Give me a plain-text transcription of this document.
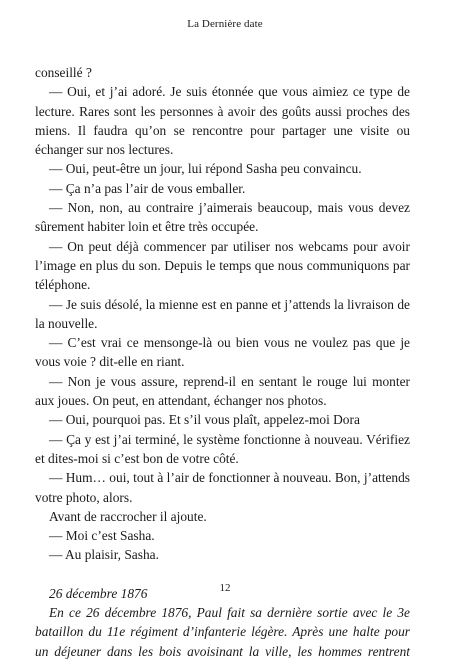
La Dernière date

conseillé ?

— Oui, et j’ai adoré. Je suis étonnée que vous aimiez ce type de lecture. Rares sont les personnes à avoir des goûts aussi proches des miens. Il faudra qu’on se rencontre pour partager une visite ou échanger sur nos lectures.

— Oui, peut-être un jour, lui répond Sasha peu convaincu.

— Ça n’a pas l’air de vous emballer.

— Non, non, au contraire j’aimerais beaucoup, mais vous devez sûrement habiter loin et être très occupée.

— On peut déjà commencer par utiliser nos webcams pour avoir l’image en plus du son. Depuis le temps que nous communiquons par téléphone.

— Je suis désolé, la mienne est en panne et j’attends la livraison de la nouvelle.

— C’est vrai ce mensonge-là ou bien vous ne voulez pas que je vous voie ? dit-elle en riant.

— Non je vous assure, reprend-il en sentant le rouge lui monter aux joues. On peut, en attendant, échanger nos photos.

— Oui, pourquoi pas. Et s’il vous plaît, appelez-moi Dora

— Ça y est j’ai terminé, le système fonctionne à nouveau. Vérifiez et dites-moi si c’est bon de votre côté.

— Hum… oui, tout à l’air de fonctionner à nouveau. Bon, j’attends votre photo, alors.

Avant de raccrocher il ajoute.

— Moi c’est Sasha.

— Au plaisir, Sasha.

26 décembre 1876

En ce 26 décembre 1876, Paul fait sa dernière sortie avec le 3e bataillon du 11e régiment d’infanterie légère. Après une halte pour un déjeuner dans les bois avoisinant la ville, les hommes rentrent

12
